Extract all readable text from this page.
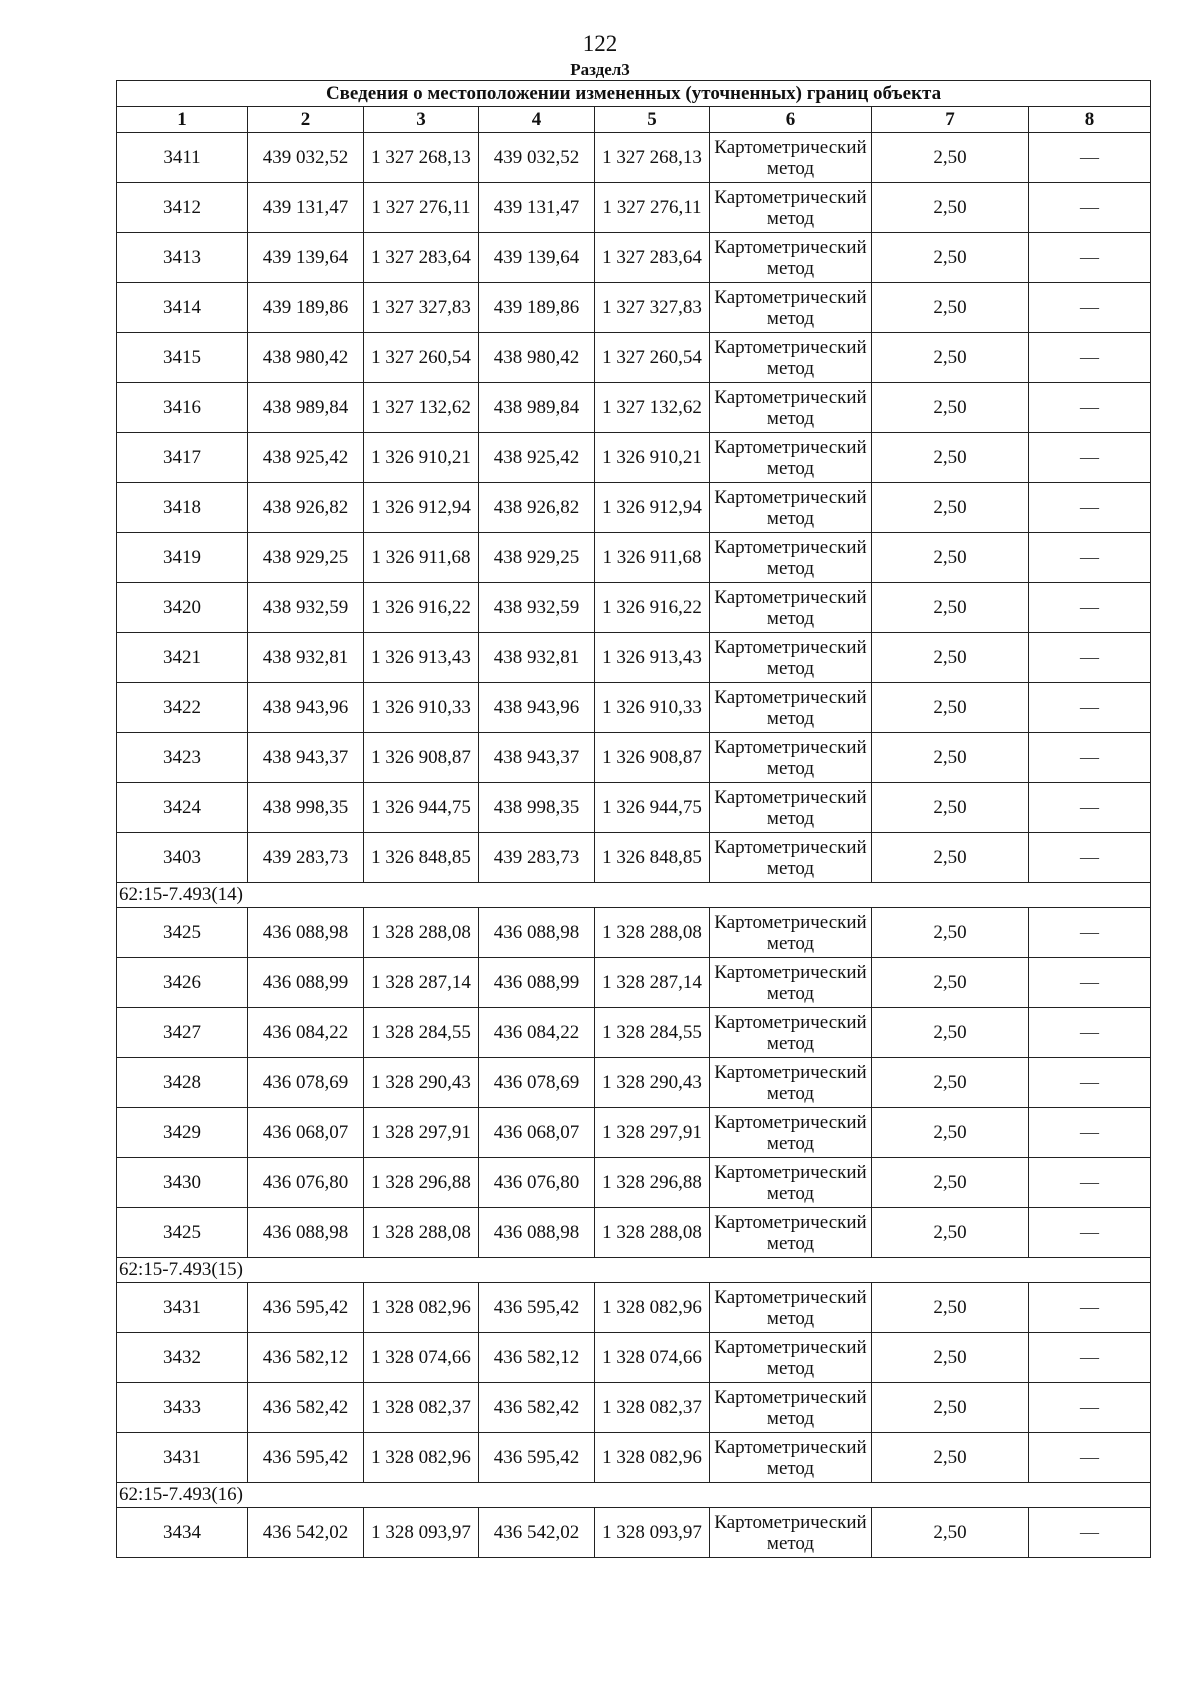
122
Раздел3
Сведения о местоположении измененных (уточненных) границ объекта							
1	2	3	4	5	6	7	8
3411	439 032,52	1 327 268,13	439 032,52	1 327 268,13	Картометрический метод	2,50	—
3412	439 131,47	1 327 276,11	439 131,47	1 327 276,11	Картометрический метод	2,50	—
3413	439 139,64	1 327 283,64	439 139,64	1 327 283,64	Картометрический метод	2,50	—
3414	439 189,86	1 327 327,83	439 189,86	1 327 327,83	Картометрический метод	2,50	—
3415	438 980,42	1 327 260,54	438 980,42	1 327 260,54	Картометрический метод	2,50	—
3416	438 989,84	1 327 132,62	438 989,84	1 327 132,62	Картометрический метод	2,50	—
3417	438 925,42	1 326 910,21	438 925,42	1 326 910,21	Картометрический метод	2,50	—
3418	438 926,82	1 326 912,94	438 926,82	1 326 912,94	Картометрический метод	2,50	—
3419	438 929,25	1 326 911,68	438 929,25	1 326 911,68	Картометрический метод	2,50	—
3420	438 932,59	1 326 916,22	438 932,59	1 326 916,22	Картометрический метод	2,50	—
3421	438 932,81	1 326 913,43	438 932,81	1 326 913,43	Картометрический метод	2,50	—
3422	438 943,96	1 326 910,33	438 943,96	1 326 910,33	Картометрический метод	2,50	—
3423	438 943,37	1 326 908,87	438 943,37	1 326 908,87	Картометрический метод	2,50	—
3424	438 998,35	1 326 944,75	438 998,35	1 326 944,75	Картометрический метод	2,50	—
3403	439 283,73	1 326 848,85	439 283,73	1 326 848,85	Картометрический метод	2,50	—
62:15-7.493(14)							
3425	436 088,98	1 328 288,08	436 088,98	1 328 288,08	Картометрический метод	2,50	—
3426	436 088,99	1 328 287,14	436 088,99	1 328 287,14	Картометрический метод	2,50	—
3427	436 084,22	1 328 284,55	436 084,22	1 328 284,55	Картометрический метод	2,50	—
3428	436 078,69	1 328 290,43	436 078,69	1 328 290,43	Картометрический метод	2,50	—
3429	436 068,07	1 328 297,91	436 068,07	1 328 297,91	Картометрический метод	2,50	—
3430	436 076,80	1 328 296,88	436 076,80	1 328 296,88	Картометрический метод	2,50	—
3425	436 088,98	1 328 288,08	436 088,98	1 328 288,08	Картометрический метод	2,50	—
62:15-7.493(15)							
3431	436 595,42	1 328 082,96	436 595,42	1 328 082,96	Картометрический метод	2,50	—
3432	436 582,12	1 328 074,66	436 582,12	1 328 074,66	Картометрический метод	2,50	—
3433	436 582,42	1 328 082,37	436 582,42	1 328 082,37	Картометрический метод	2,50	—
3431	436 595,42	1 328 082,96	436 595,42	1 328 082,96	Картометрический метод	2,50	—
62:15-7.493(16)							
3434	436 542,02	1 328 093,97	436 542,02	1 328 093,97	Картометрический метод	2,50	—
